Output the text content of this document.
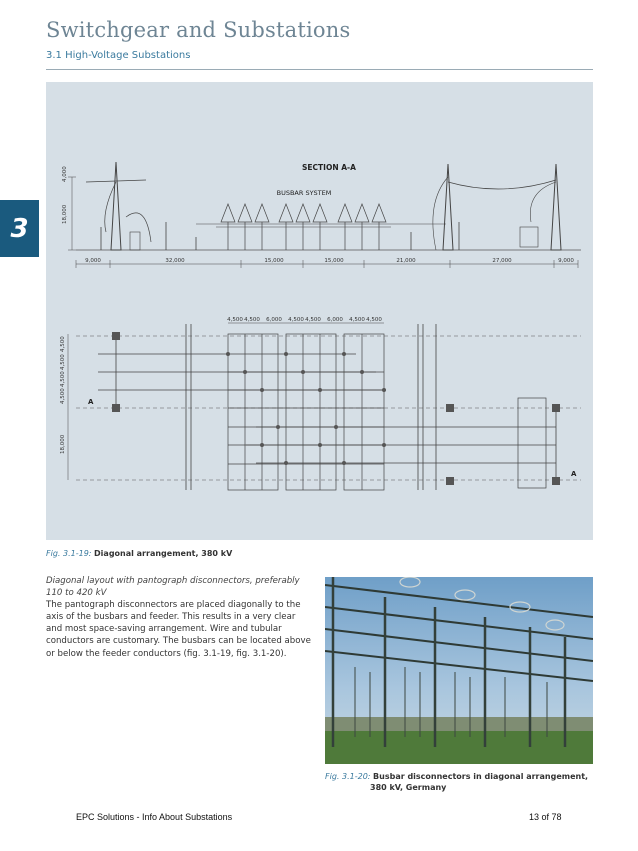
Switchgear and Substations
3.1 High-Voltage Substations
3
SECTION A-A
BUSBAR SYSTEM
4,000
18,000
9,000	32,000	15,000	15,000	21,000	27,000	9,000
4,500 4,500 6,000 4,500 4,500 6,000 4,500 4,500
4,500
4,500
4,500
4,500
18,000
A
A
Fig. 3.1-19: Diagonal arrangement, 380 kV
Diagonal layout with pantograph disconnectors, preferably
110 to 420 kV
The pantograph disconnectors are placed diagonally to the axis of the busbars and feeder. This results in a very clear and most space-saving arrangement. Wire and tubular conductors are customary. The busbars can be located above or below the feeder conductors (fig. 3.1-19, fig. 3.1-20).
Fig. 3.1-20: Busbar disconnectors in diagonal arrangement,
380 kV, Germany
EPC Solutions - Info About Substations	13 of 78
